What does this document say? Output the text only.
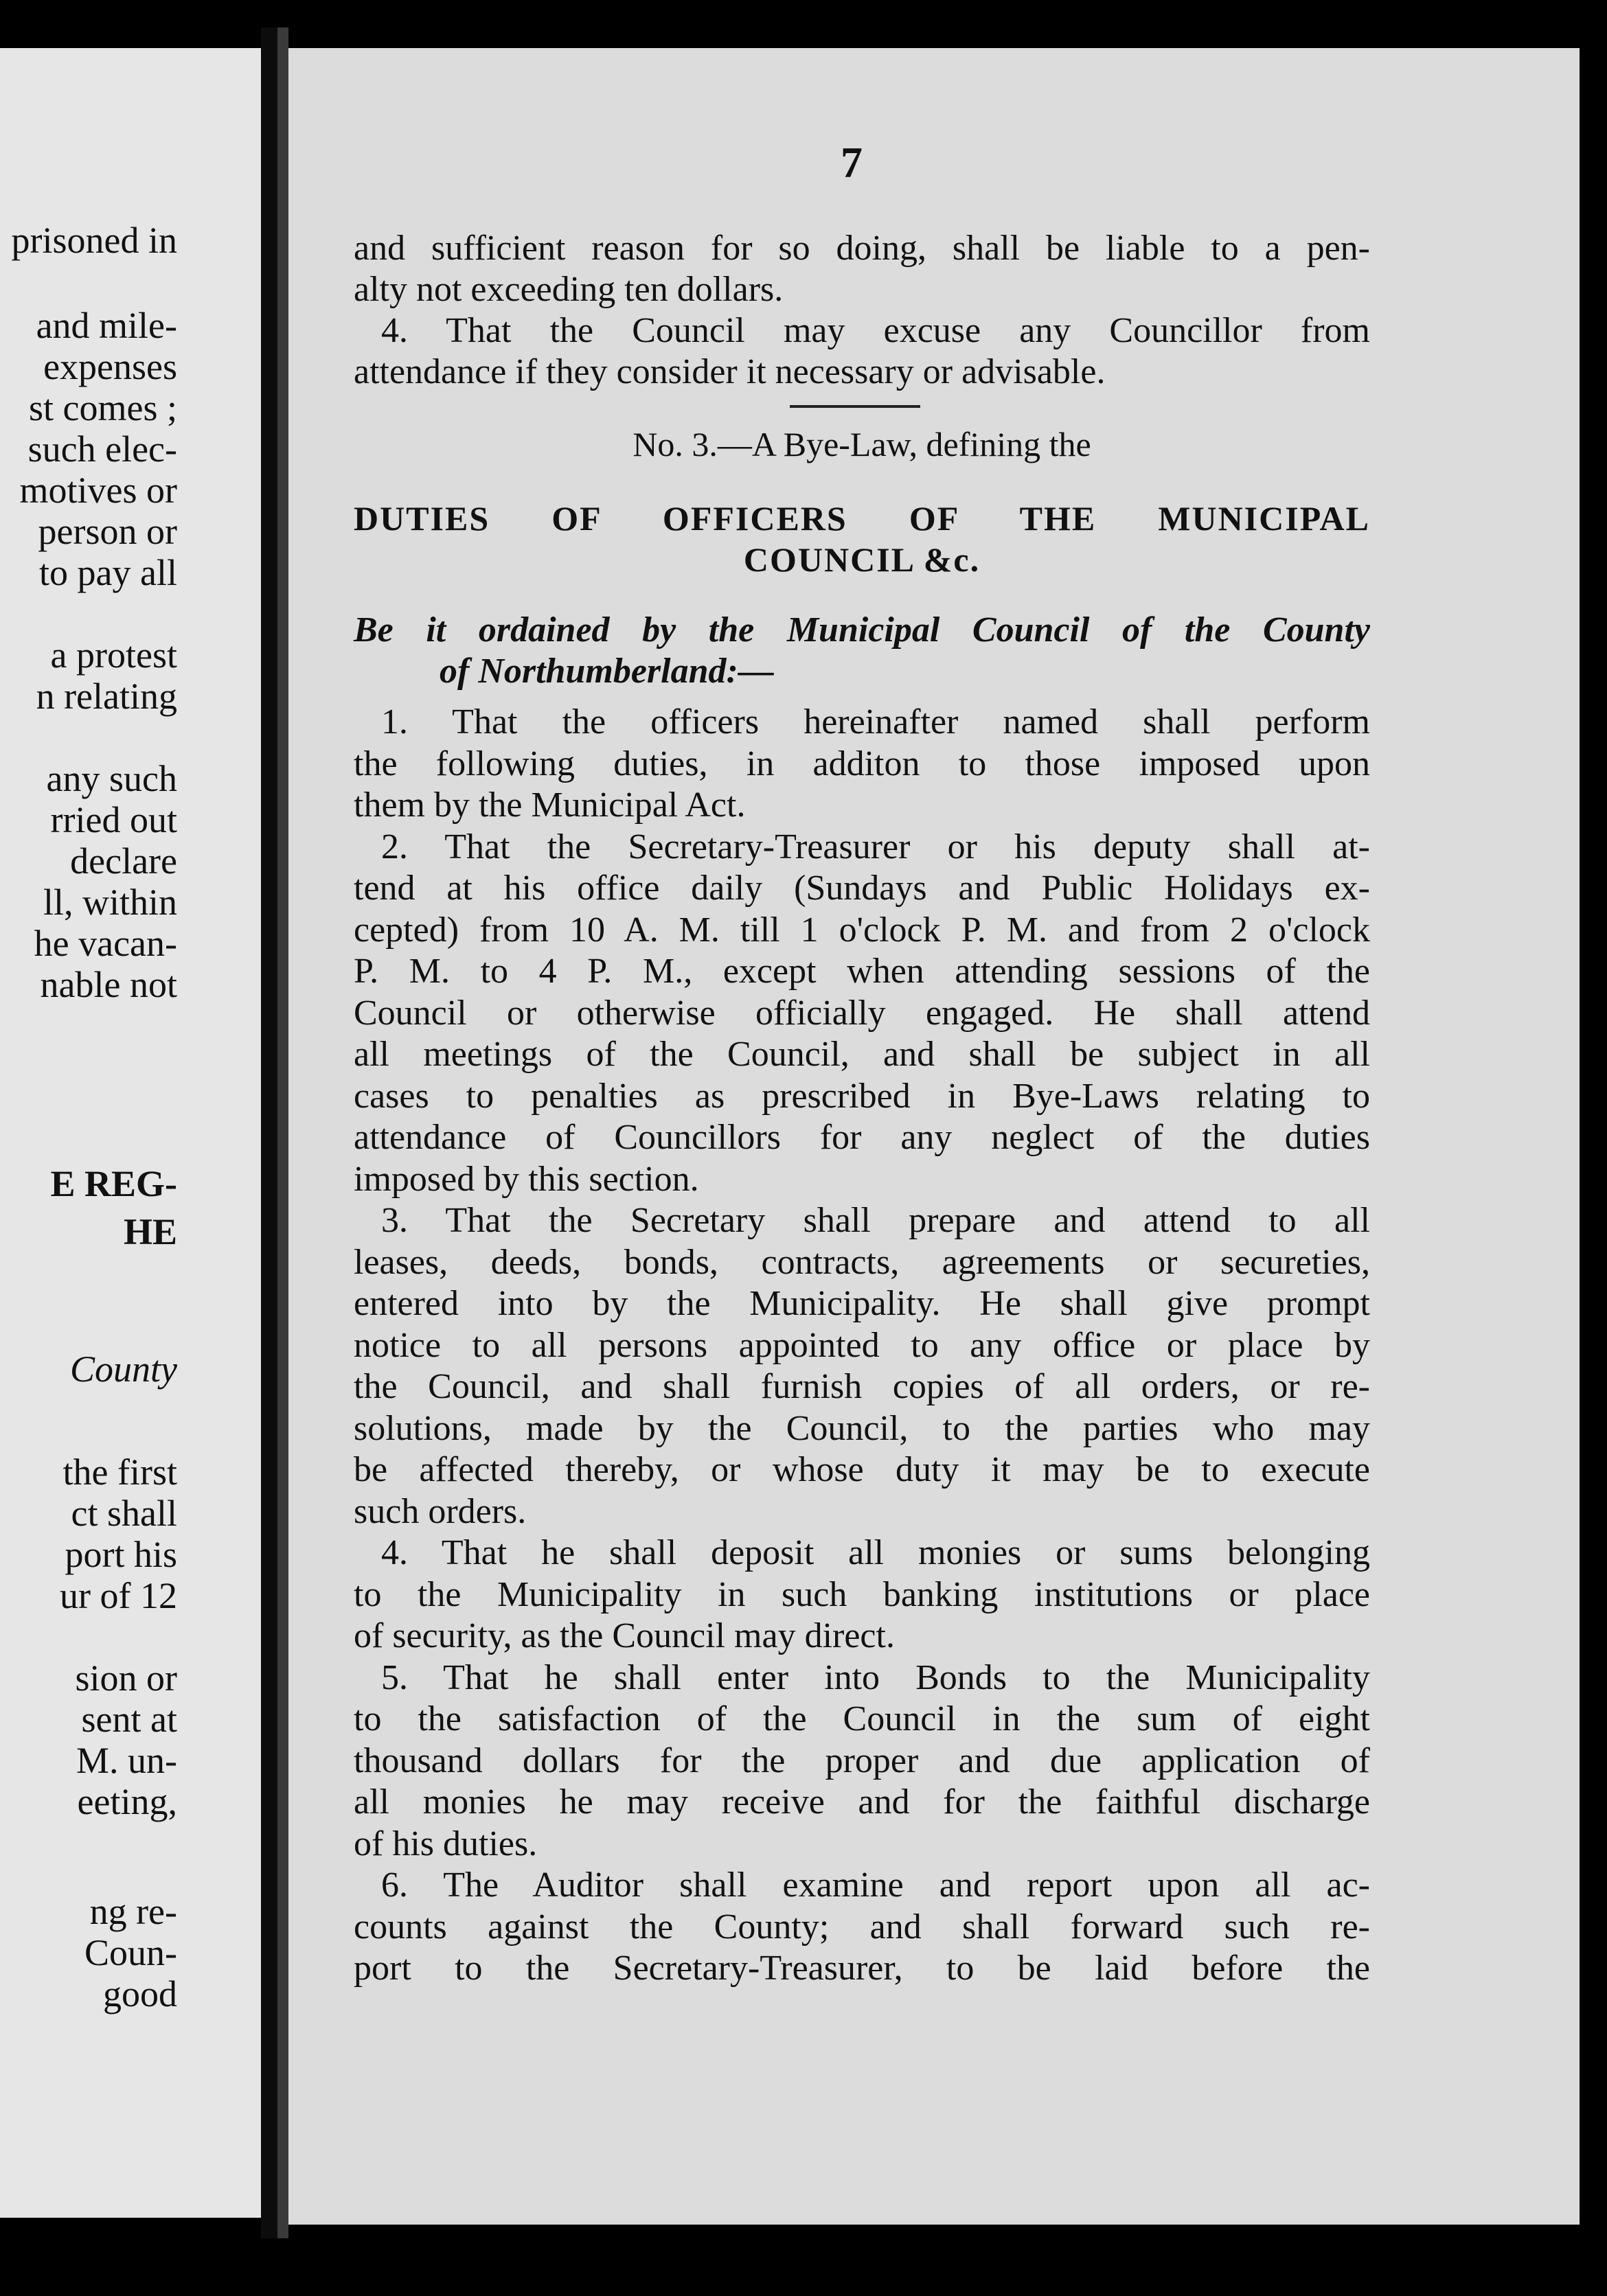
prisoned in
and mile-
expenses
st comes ;
such elec-
motives or
person or
to pay all
a protest
n relating
any such
rried out
declare
ll, within
he vacan-
nable not
E REG-
HE
County
the first
ct shall
port his
ur of 12
sion or
sent at
M. un-
eeting,
ng re-
Coun-
good
7
and sufficient reason for so doing, shall be liable to a pen-
alty not exceeding ten dollars.
4. That the Council may excuse any Councillor from
attendance if they consider it necessary or advisable.
No. 3.—A Bye-Law, defining the
DUTIES OF OFFICERS OF THE MUNICIPAL
COUNCIL &c.
Be it ordained by the Municipal Council of the County
of Northumberland:—
1. That the officers hereinafter named shall perform
the following duties, in additon to those imposed upon
them by the Municipal Act.
2. That the Secretary-Treasurer or his deputy shall at-
tend at his office daily (Sundays and Public Holidays ex-
cepted) from 10 A. M. till 1 o'clock P. M. and from 2 o'clock
P. M. to 4 P. M., except when attending sessions of the
Council or otherwise officially engaged. He shall attend
all meetings of the Council, and shall be subject in all
cases to penalties as prescribed in Bye-Laws relating to
attendance of Councillors for any neglect of the duties
imposed by this section.
3. That the Secretary shall prepare and attend to all
leases, deeds, bonds, contracts, agreements or secureties,
entered into by the Municipality. He shall give prompt
notice to all persons appointed to any office or place by
the Council, and shall furnish copies of all orders, or re-
solutions, made by the Council, to the parties who may
be affected thereby, or whose duty it may be to execute
such orders.
4. That he shall deposit all monies or sums belonging
to the Municipality in such banking institutions or place
of security, as the Council may direct.
5. That he shall enter into Bonds to the Municipality
to the satisfaction of the Council in the sum of eight
thousand dollars for the proper and due application of
all monies he may receive and for the faithful discharge
of his duties.
6. The Auditor shall examine and report upon all ac-
counts against the County; and shall forward such re-
port to the Secretary-Treasurer, to be laid before the
